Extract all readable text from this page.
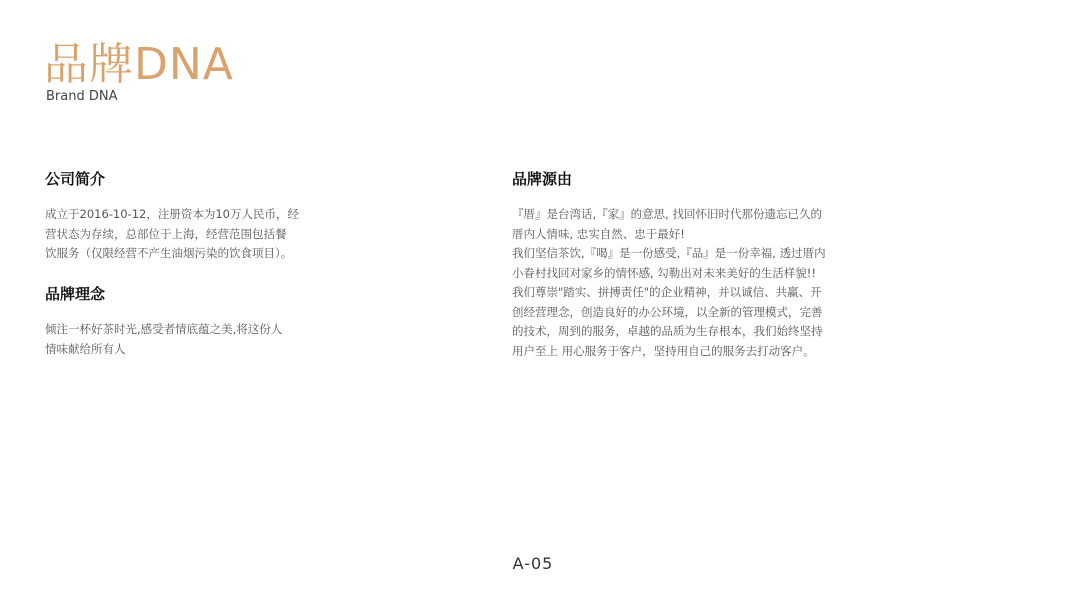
品牌DNA
Brand DNA
公司简介
成立于2016-10-12，注册资本为10万人民币，经
营状态为存续，总部位于上海，经营范围包括餐
饮服务（仅限经营不产生油烟污染的饮食项目）。
品牌理念
倾注一杯好茶时光,感受者情底蕴之美,将这份人
情味献给所有人
品牌源由
『厝』是台湾话,『家』的意思, 找回怀旧时代那份遗忘已久的
厝内人情味, 忠实自然、忠于最好!
我们坚信茶饮,『喝』是一份感受,『品』是一份幸福, 透过厝内
小眷村找回对家乡的情怀感, 勾勒出对未来美好的生活样貌!!
我们尊崇"踏实、拼搏责任"的企业精神，并以诚信、共赢、开
创经营理念，创造良好的办公环境，以全新的管理模式，完善
的技术，周到的服务，卓越的品质为生存根本，我们始终坚持
用户至上 用心服务于客户，坚持用自己的服务去打动客户。
A-05
